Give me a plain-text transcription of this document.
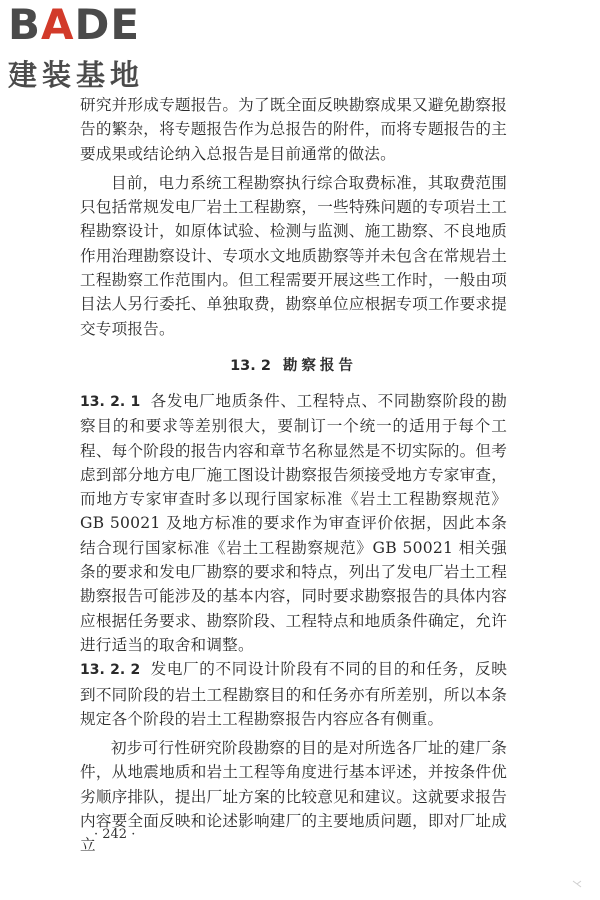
BADE
建装基地

研究并形成专题报告。为了既全面反映勘察成果又避免勘察报告的繁杂，将专题报告作为总报告的附件，而将专题报告的主要成果或结论纳入总报告是目前通常的做法。

目前，电力系统工程勘察执行综合取费标准，其取费范围只包括常规发电厂岩土工程勘察，一些特殊问题的专项岩土工程勘察设计，如原体试验、检测与监测、施工勘察、不良地质作用治理勘察设计、专项水文地质勘察等并未包含在常规岩土工程勘察工作范围内。但工程需要开展这些工作时，一般由项目法人另行委托、单独取费，勘察单位应根据专项工作要求提交专项报告。

13. 2 勘察报告

13. 2. 1 各发电厂地质条件、工程特点、不同勘察阶段的勘察目的和要求等差别很大，要制订一个统一的适用于每个工程、每个阶段的报告内容和章节名称显然是不切实际的。但考虑到部分地方电厂施工图设计勘察报告须接受地方专家审查，而地方专家审查时多以现行国家标准《岩土工程勘察规范》GB 50021 及地方标准的要求作为审查评价依据，因此本条结合现行国家标准《岩土工程勘察规范》GB 50021 相关强条的要求和发电厂勘察的要求和特点，列出了发电厂岩土工程勘察报告可能涉及的基本内容，同时要求勘察报告的具体内容应根据任务要求、勘察阶段、工程特点和地质条件确定，允许进行适当的取舍和调整。

13. 2. 2 发电厂的不同设计阶段有不同的目的和任务，反映到不同阶段的岩土工程勘察目的和任务亦有所差别，所以本条规定各个阶段的岩土工程勘察报告内容应各有侧重。

初步可行性研究阶段勘察的目的是对所选各厂址的建厂条件，从地震地质和岩土工程等角度进行基本评述，并按条件优劣顺序排队，提出厂址方案的比较意见和建议。这就要求报告内容要全面反映和论述影响建厂的主要地质问题，即对厂址成立

· 242 ·
